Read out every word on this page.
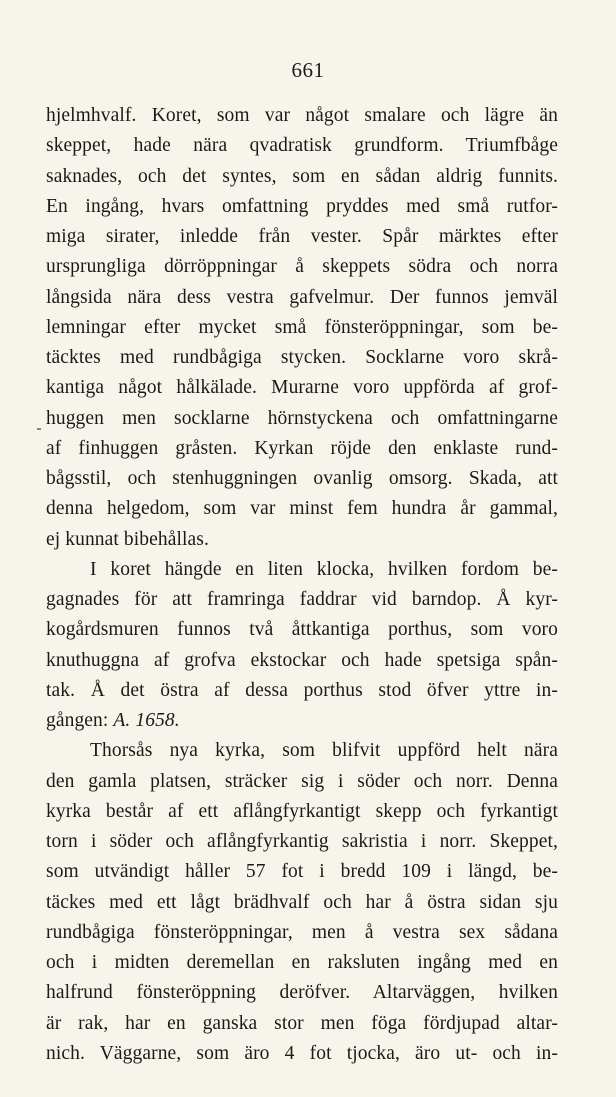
661
hjelmhvalf. Koret, som var något smalare och lägre än
skeppet, hade nära qvadratisk grundform. Triumfbåge
saknades, och det syntes, som en sådan aldrig funnits.
En ingång, hvars omfattning pryddes med små rutfor-
miga sirater, inledde från vester. Spår märktes efter
ursprungliga dörröppningar å skeppets södra och norra
långsida nära dess vestra gafvelmur. Der funnos jemväl
lemningar efter mycket små fönsteröppningar, som be-
täcktes med rundbågiga stycken. Socklarne voro skrå-
kantiga något hålkälade. Murarne voro uppförda af grof-
huggen men socklarne hörnstyckena och omfattningarne
af finhuggen gråsten. Kyrkan röjde den enklaste rund-
bågsstil, och stenhuggningen ovanlig omsorg. Skada, att
denna helgedom, som var minst fem hundra år gammal,
ej kunnat bibehållas.
I koret hängde en liten klocka, hvilken fordom be-
gagnades för att framringa faddrar vid barndop. Å kyr-
kogårdsmuren funnos två åttkantiga porthus, som voro
knuthuggna af grofva ekstockar och hade spetsiga spån-
tak. Å det östra af dessa porthus stod öfver yttre in-
gången: A. 1658.
Thorsås nya kyrka, som blifvit uppförd helt nära
den gamla platsen, sträcker sig i söder och norr. Denna
kyrka består af ett aflångfyrkantigt skepp och fyrkantigt
torn i söder och aflångfyrkantig sakristia i norr. Skeppet,
som utvändigt håller 57 fot i bredd 109 i längd, be-
täckes med ett lågt brädhvalf och har å östra sidan sju
rundbågiga fönsteröppningar, men å vestra sex sådana
och i midten deremellan en raksluten ingång med en
halfrund fönsteröppning deröfver. Altarväggen, hvilken
är rak, har en ganska stor men föga fördjupad altar-
nich. Väggarne, som äro 4 fot tjocka, äro ut- och in-
